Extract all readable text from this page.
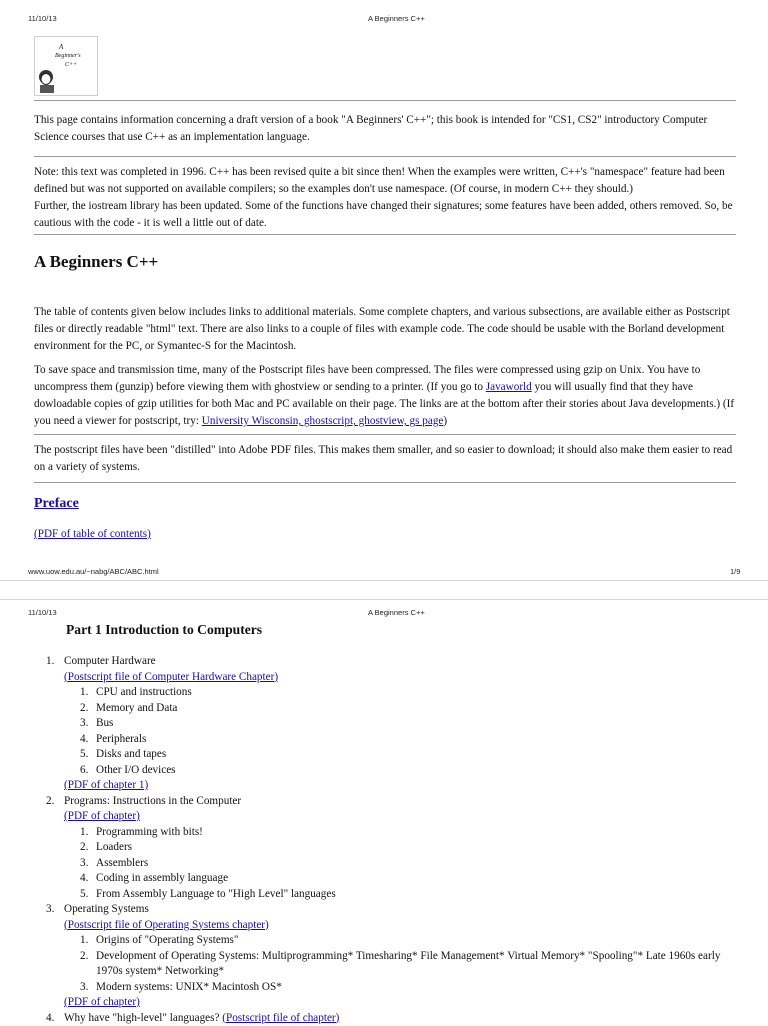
11/10/13	A Beginners C++
A
Beginner's
C++

This page contains information concerning a draft version of a book "A Beginners' C++"; this book is intended for "CS1, CS2" introductory Computer Science courses that use C++ as an implementation language.

Note: this text was completed in 1996. C++ has been revised quite a bit since then! When the examples were written, C++'s "namespace" feature had been defined but was not supported on available compilers; so the examples don't use namespace. (Of course, in modern C++ they should.)

Further, the iostream library has been updated. Some of the functions have changed their signatures; some features have been added, others removed. So, be cautious with the code - it is well a little out of date.

A Beginners C++

The table of contents given below includes links to additional materials. Some complete chapters, and various subsections, are available either as Postscript files or directly readable "html" text. There are also links to a couple of files with example code. The code should be usable with the Borland development environment for the PC, or Symantec-S for the Macintosh.

To save space and transmission time, many of the Postscript files have been compressed. The files were compressed using gzip on Unix. You have to uncompress them (gunzip) before viewing them with ghostview or sending to a printer. (If you go to Javaworld you will usually find that they have dowloadable copies of gzip utilities for both Mac and PC available on their page. The links are at the bottom after their stories about Java developments.) (If you need a viewer for postscript, try: University Wisconsin, ghostscript, ghostview, gs page)

The postscript files have been "distilled" into Adobe PDF files. This makes them smaller, and so easier to download; it should also make them easier to read on a variety of systems.

Preface
(PDF of table of contents)
www.uow.edu.au/~nabg/ABC/ABC.html	1/9
11/10/13	A Beginners C++
Part 1 Introduction to Computers
1. Computer Hardware
(Postscript file of Computer Hardware Chapter)
1. CPU and instructions
2. Memory and Data
3. Bus
4. Peripherals
5. Disks and tapes
6. Other I/O devices
(PDF of chapter 1)
2. Programs: Instructions in the Computer
(PDF of chapter)
1. Programming with bits!
2. Loaders
3. Assemblers
4. Coding in assembly language
5. From Assembly Language to "High Level" languages
3. Operating Systems
(Postscript file of Operating Systems chapter)
1. Origins of "Operating Systems"
2. Development of Operating Systems: Multiprogramming* Timesharing* File Management* Virtual Memory* "Spooling"* Late 1960s early 1970s system* Networking*
3. Modern systems: UNIX* Macintosh OS*
(PDF of chapter)
4. Why have "high-level" languages? (Postscript file of chapter)
